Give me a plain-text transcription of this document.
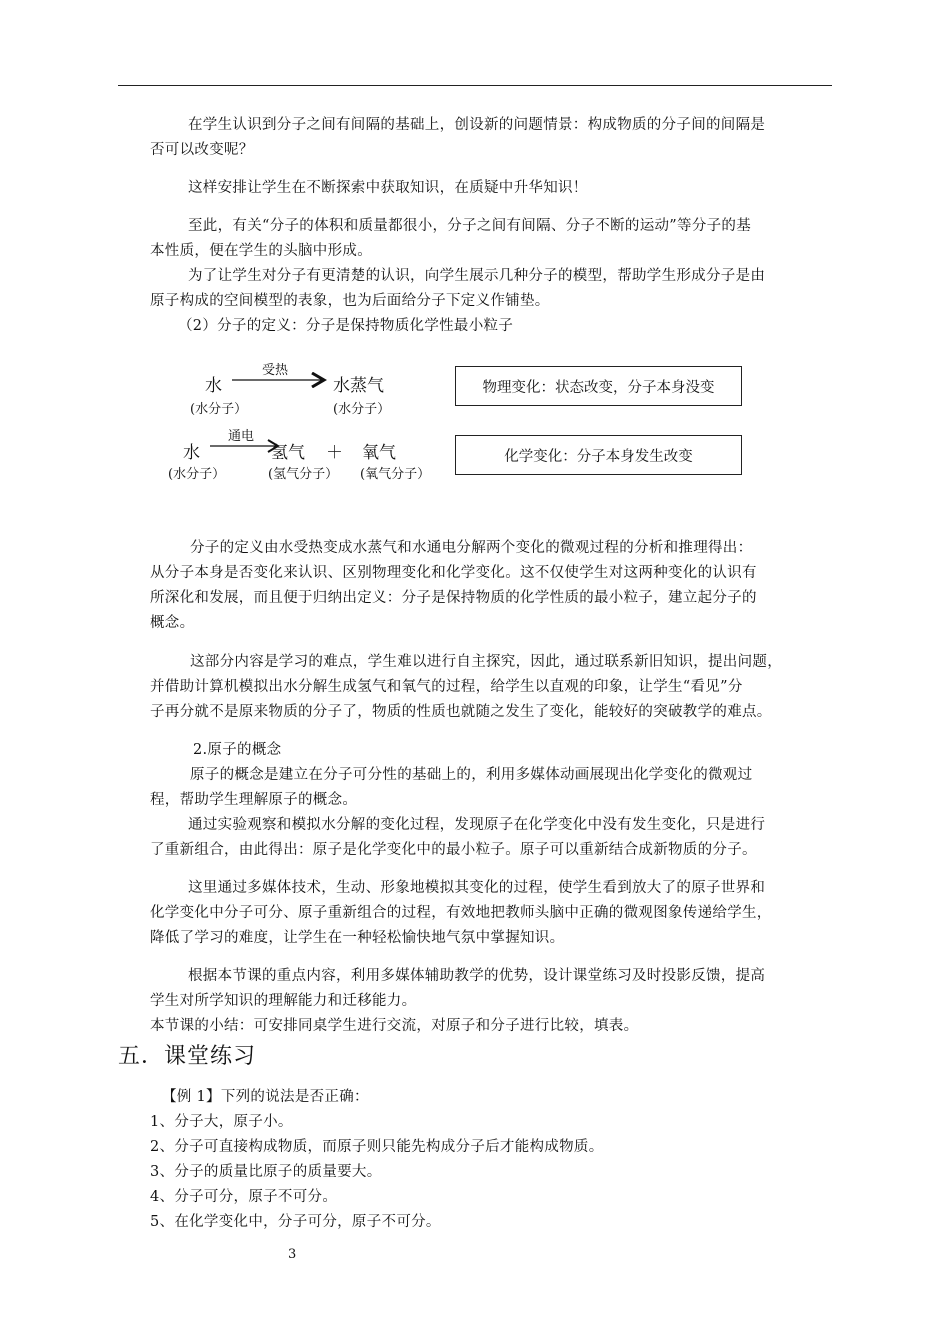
在学生认识到分子之间有间隔的基础上，创设新的问题情景：构成物质的分子间的间隔是
否可以改变呢？
这样安排让学生在不断探索中获取知识，在质疑中升华知识！
至此，有关“分子的体积和质量都很小，分子之间有间隔、分子不断的运动”等分子的基
本性质，便在学生的头脑中形成。
为了让学生对分子有更清楚的认识，向学生展示几种分子的模型，帮助学生形成分子是由
原子构成的空间模型的表象，也为后面给分子下定义作铺垫。
（2）分子的定义：分子是保持物质化学性最小粒子
水
受热
水蒸气
(水分子）	(水分子）
物理变化：状态改变，分子本身没变
水
通电
氢气 ＋ 氧气
(水分子）	(氢气分子） (氧气分子）
化学变化：分子本身发生改变
分子的定义由水受热变成水蒸气和水通电分解两个变化的微观过程的分析和推理得出：
从分子本身是否变化来认识、区别物理变化和化学变化。这不仅使学生对这两种变化的认识有
所深化和发展，而且便于归纳出定义：分子是保持物质的化学性质的最小粒子，建立起分子的
概念。
这部分内容是学习的难点，学生难以进行自主探究，因此，通过联系新旧知识，提出问题，
并借助计算机模拟出水分解生成氢气和氧气的过程，给学生以直观的印象，让学生“看见”分
子再分就不是原来物质的分子了，物质的性质也就随之发生了变化，能较好的突破教学的难点。
2.原子的概念
原子的概念是建立在分子可分性的基础上的，利用多媒体动画展现出化学变化的微观过
程，帮助学生理解原子的概念。
通过实验观察和模拟水分解的变化过程，发现原子在化学变化中没有发生变化，只是进行
了重新组合，由此得出：原子是化学变化中的最小粒子。原子可以重新结合成新物质的分子。
这里通过多媒体技术，生动、形象地模拟其变化的过程，使学生看到放大了的原子世界和
化学变化中分子可分、原子重新组合的过程，有效地把教师头脑中正确的微观图象传递给学生，
降低了学习的难度，让学生在一种轻松愉快地气氛中掌握知识。
根据本节课的重点内容，利用多媒体辅助教学的优势，设计课堂练习及时投影反馈，提高
学生对所学知识的理解能力和迁移能力。
本节课的小结：可安排同桌学生进行交流，对原子和分子进行比较，填表。
五．课堂练习
【例 1】下列的说法是否正确：
1、分子大，原子小。
2、分子可直接构成物质，而原子则只能先构成分子后才能构成物质。
3、分子的质量比原子的质量要大。
4、分子可分，原子不可分。
5、在化学变化中，分子可分，原子不可分。
3
